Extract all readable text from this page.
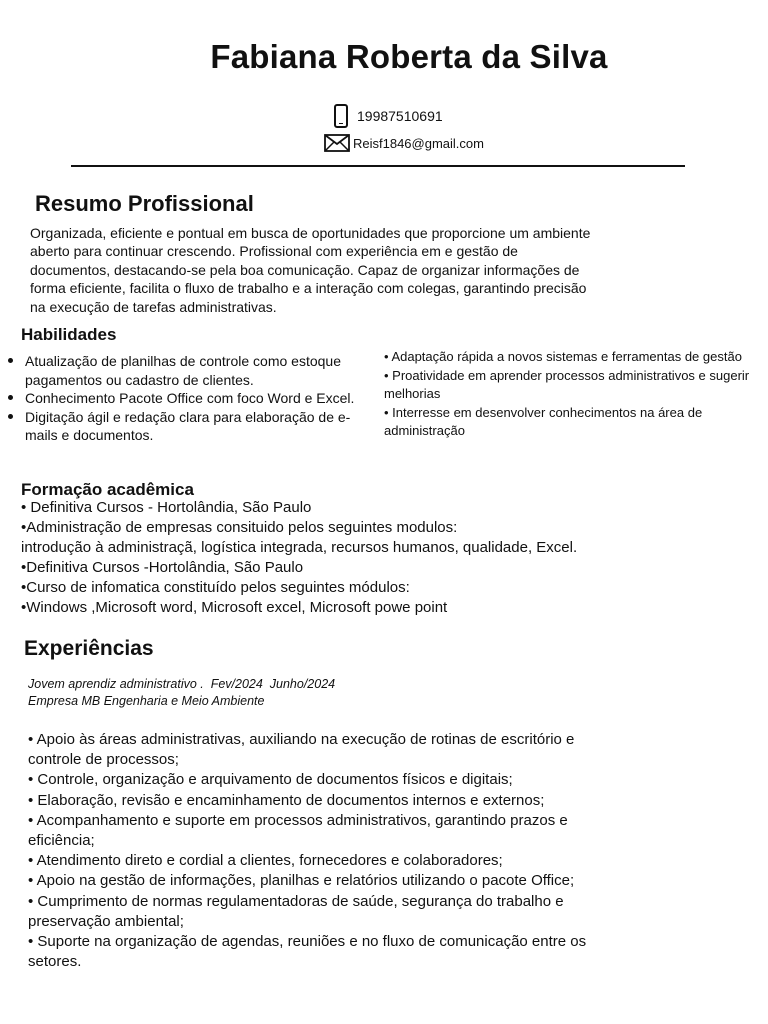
Fabiana Roberta da Silva
19987510691
Reisf1846@gmail.com
Resumo Profissional
Organizada, eficiente e pontual em busca de oportunidades que proporcione um ambiente
aberto para continuar crescendo. Profissional com experiência em e gestão de
documentos, destacando-se pela boa comunicação. Capaz de organizar informações de
forma eficiente, facilita o fluxo de trabalho e a interação com colegas, garantindo precisão
na execução de tarefas administrativas.
Habilidades
Atualização de planilhas de controle como estoque pagamentos ou cadastro de clientes.
Conhecimento Pacote Office com foco Word e Excel.
Digitação ágil e redação clara para elaboração de e-mails e documentos.
• Adaptação rápida a novos sistemas e ferramentas de gestão
• Proatividade em aprender processos administrativos e sugerir melhorias
• Interresse em desenvolver conhecimentos na área de administração
Formação acadêmica
• Definitiva Cursos - Hortolândia, São Paulo
•Administração de empresas consituido pelos seguintes modulos:
introdução à administraçã, logística integrada, recursos humanos, qualidade, Excel.
•Definitiva Cursos -Hortolândia, São Paulo
•Curso de infomatica constituído pelos seguintes módulos:
•Windows ,Microsoft word, Microsoft excel, Microsoft powe point
Experiências
Jovem aprendiz administrativo .  Fev/2024  Junho/2024
Empresa MB Engenharia e Meio Ambiente
• Apoio às áreas administrativas, auxiliando na execução de rotinas de escritório e
controle de processos;
• Controle, organização e arquivamento de documentos físicos e digitais;
• Elaboração, revisão e encaminhamento de documentos internos e externos;
• Acompanhamento e suporte em processos administrativos, garantindo prazos e
eficiência;
• Atendimento direto e cordial a clientes, fornecedores e colaboradores;
• Apoio na gestão de informações, planilhas e relatórios utilizando o pacote Office;
• Cumprimento de normas regulamentadoras de saúde, segurança do trabalho e
preservação ambiental;
• Suporte na organização de agendas, reuniões e no fluxo de comunicação entre os
setores.
